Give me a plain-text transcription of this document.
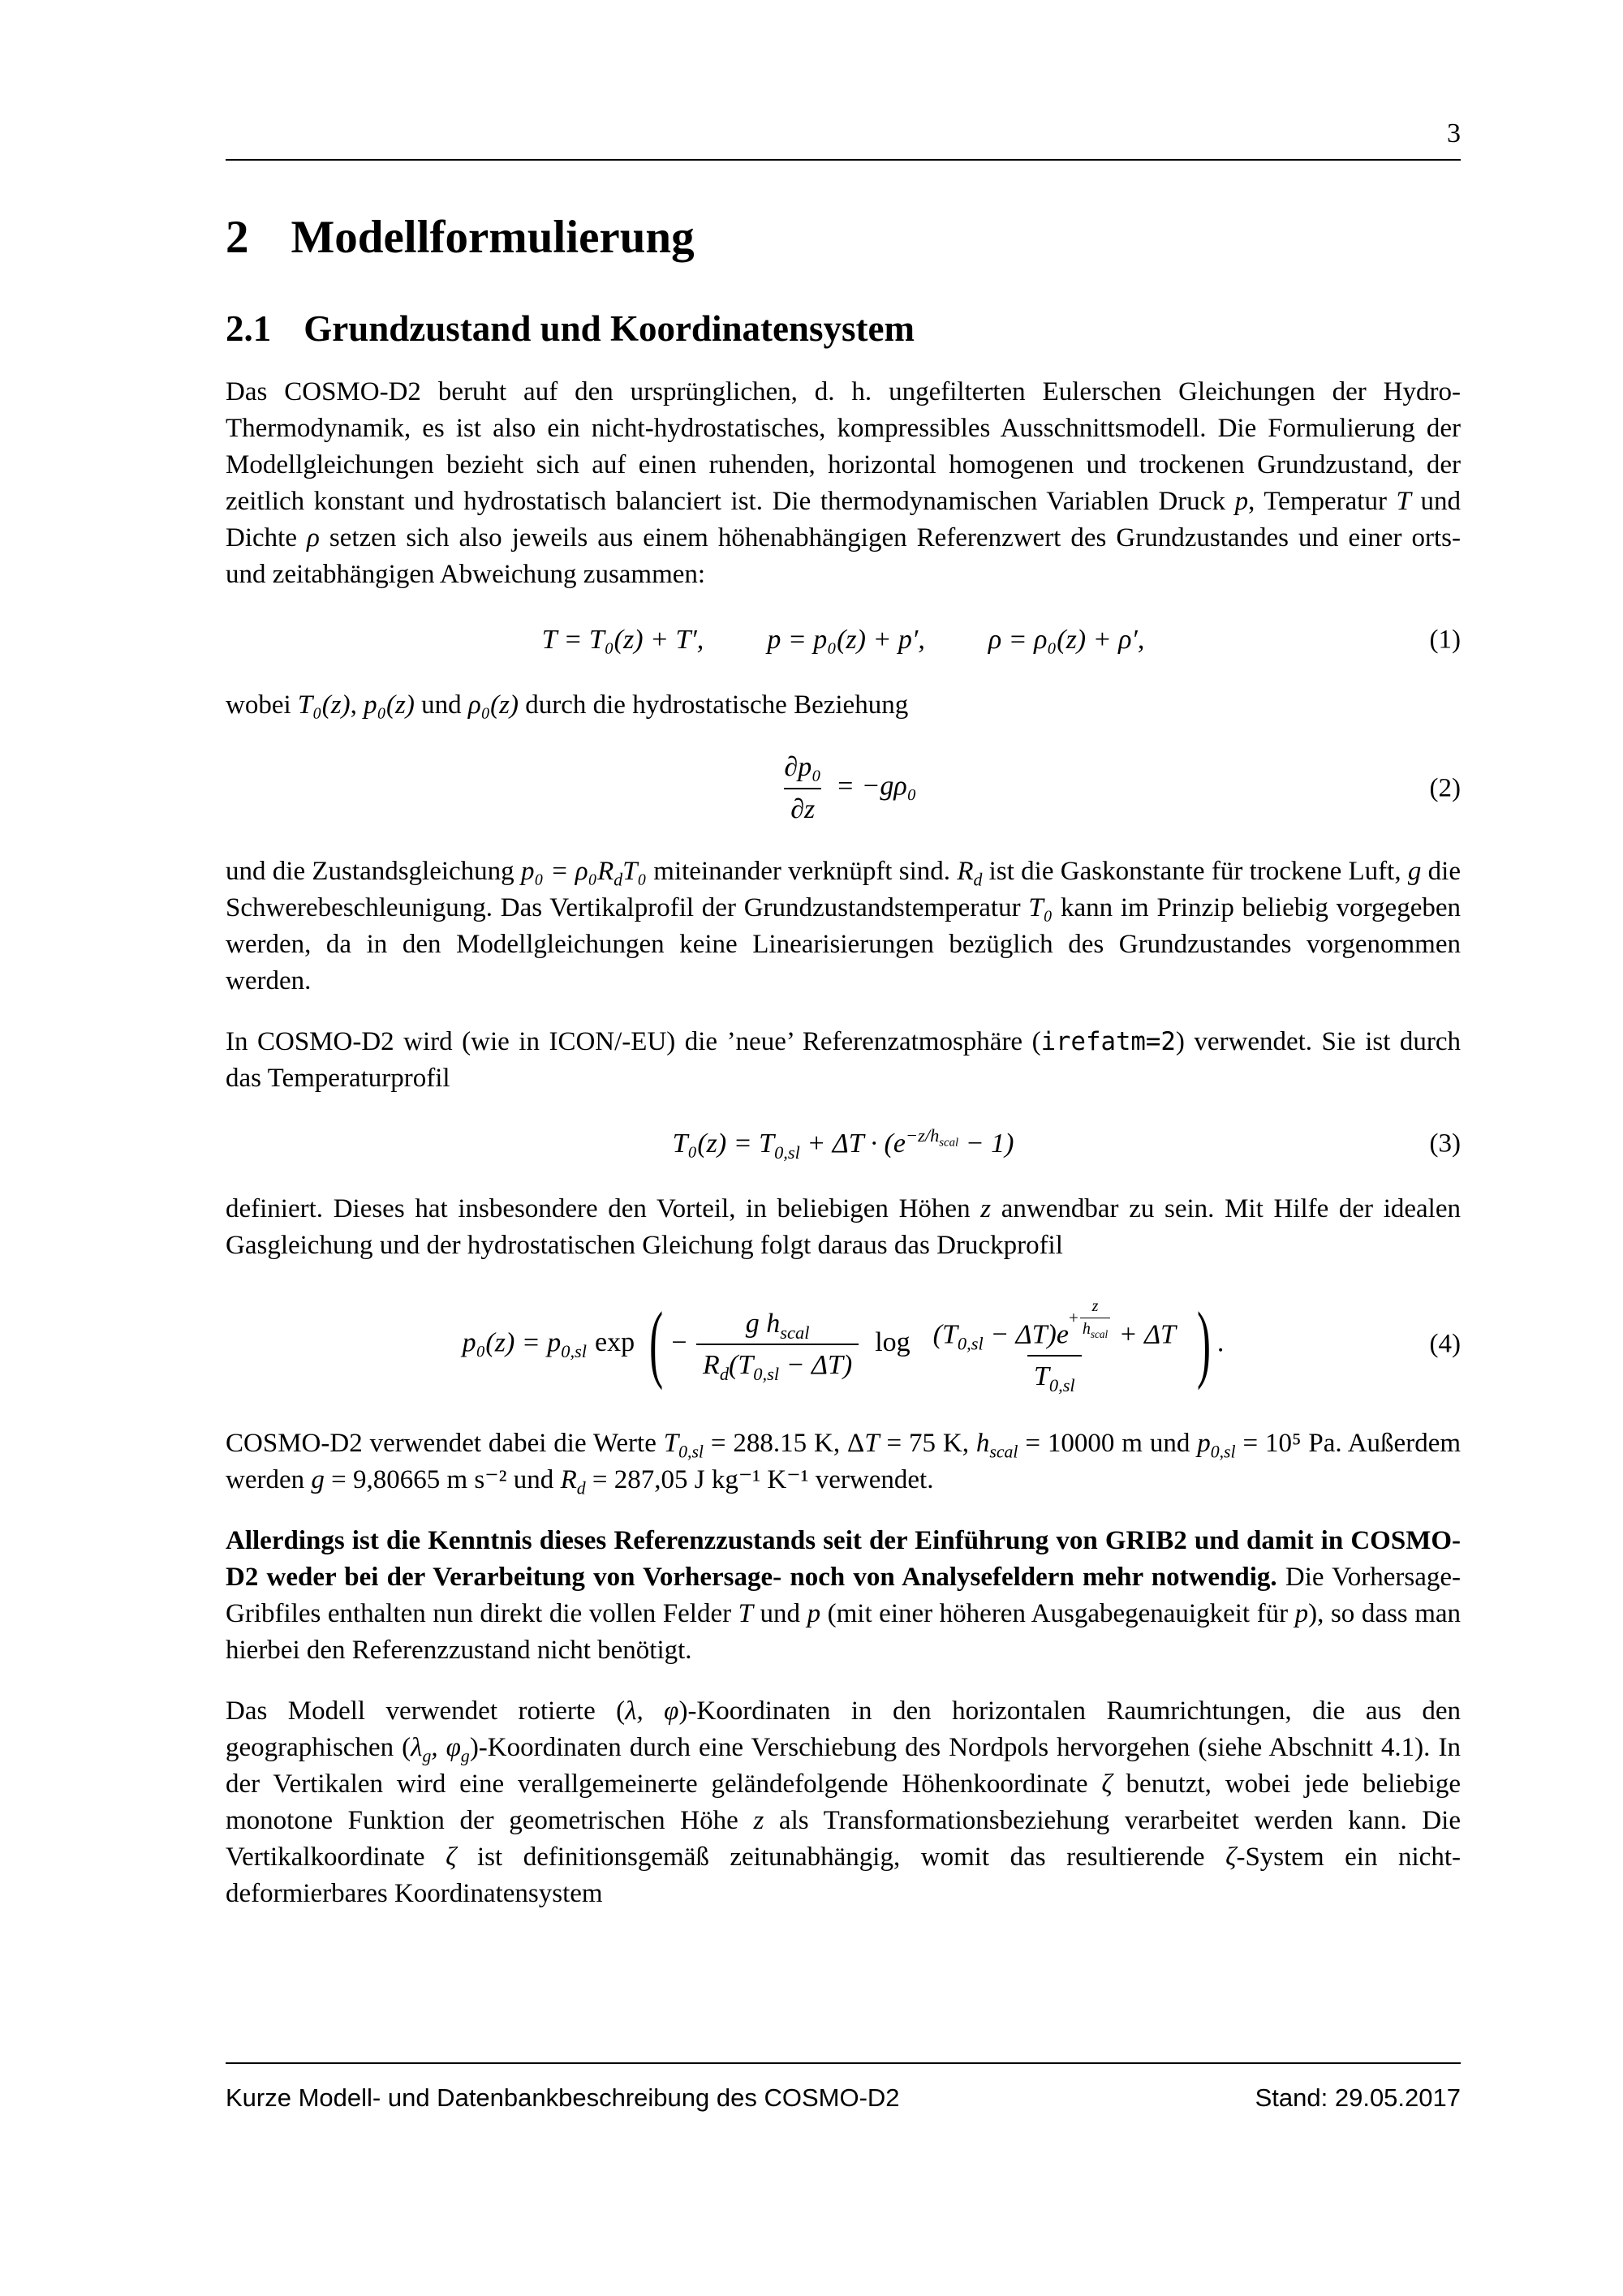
3
2 Modellformulierung
2.1 Grundzustand und Koordinatensystem

Das COSMO-D2 beruht auf den ursprünglichen, d. h. ungefilterten Eulerschen Gleichungen der Hydro-Thermodynamik, es ist also ein nicht-hydrostatisches, kompressibles Ausschnittsmodell. Die Formulierung der Modellgleichungen bezieht sich auf einen ruhenden, horizontal homogenen und trockenen Grundzustand, der zeitlich konstant und hydrostatisch balanciert ist. Die thermodynamischen Variablen Druck p, Temperatur T und Dichte ρ setzen sich also jeweils aus einem höhenabhängigen Referenzwert des Grundzustandes und einer orts- und zeitabhängigen Abweichung zusammen:

T = T₀(z) + T′, p = p₀(z) + p′, ρ = ρ₀(z) + ρ′,	(1)

wobei T₀(z), p₀(z) und ρ₀(z) durch die hydrostatische Beziehung

$\frac{\text{∂p₀}}{\partial z} = -g\rho_0$	(2)

und die Zustandsgleichung $p_0 = \rho_0R_dT_0$ miteinander verknüpft sind. $R_d$ ist die Gaskonstante für trockene Luft, g die Schwerebeschleunigung. Das Vertikalprofil der Grundzustandstemperatur T₀ kann im Prinzip beliebig vorgegeben werden, da in den Modellgleichungen keine Linearisierungen bezüglich des Grundzustandes vorgenommen werden.

In COSMO-D2 wird (wie in ICON/-EU) die ’neue’ Referenzatmosphäre (irefatm=2) verwendet. Sie ist durch das Temperaturprofil

$T_0(z) = T_{0,sl} + \Delta T \cdot (e^{-z/h_{scal}} - 1)$	(3)

definiert. Dieses hat insbesondere den Vorteil, in beliebigen Höhen z anwendbar zu sein. Mit Hilfe der idealen Gasgleichung und der hydrostatischen Gleichung folgt daraus das Druckprofil

$p_0(z) = p_{0,sl}$ exp ( − $\frac{g h_{scal}}{R_d(T_{0,sl} - \Delta T)}$ $\log (T_{0,sl} - \Delta T)e$
+ $\frac{z}{h_{scal}} + \Delta T$
$T_{0,sl}$ ) .	(4)

COSMO-D2 verwendet dabei die Werte $T_{0,sl} = 288.15$ K, ΔT = 75 K, $h_{scal} = 10000$ m und $p_{0,sl} = 10^5$ Pa. Außerdem werden g = 9,80665 m s⁻² und $R_d = 287,05$ J kg⁻¹ K⁻¹ verwendet.

Allerdings ist die Kenntnis dieses Referenzzustands seit der Einführung von GRIB2 und damit in COSMO-D2 weder bei der Verarbeitung von Vorhersage- noch von Analysefeldern mehr notwendig. Die Vorhersage-Gribfiles enthalten nun direkt die vollen Felder T und p (mit einer höheren Ausgabegenauigkeit für p), so dass man hierbei den Referenzzustand nicht benötigt.

Das Modell verwendet rotierte (λ, φ)-Koordinaten in den horizontalen Raumrichtungen, die aus den geographischen ($\lambda_g$, $\varphi_g$)-Koordinaten durch eine Verschiebung des Nordpols hervorgehen (siehe Abschnitt 4.1). In der Vertikalen wird eine verallgemeinerte geländefolgende Höhenkoordinate ζ benutzt, wobei jede beliebige monotone Funktion der geometrischen Höhe z als Transformationsbeziehung verarbeitet werden kann. Die Vertikalkoordinate ζ ist definitionsgemäß zeitunabhängig, womit das resultierende ζ-System ein nicht-deformierbares Koordinatensystem

Kurze Modell- und Datenbankbeschreibung des COSMO-D2	Stand: 29.05.2017
